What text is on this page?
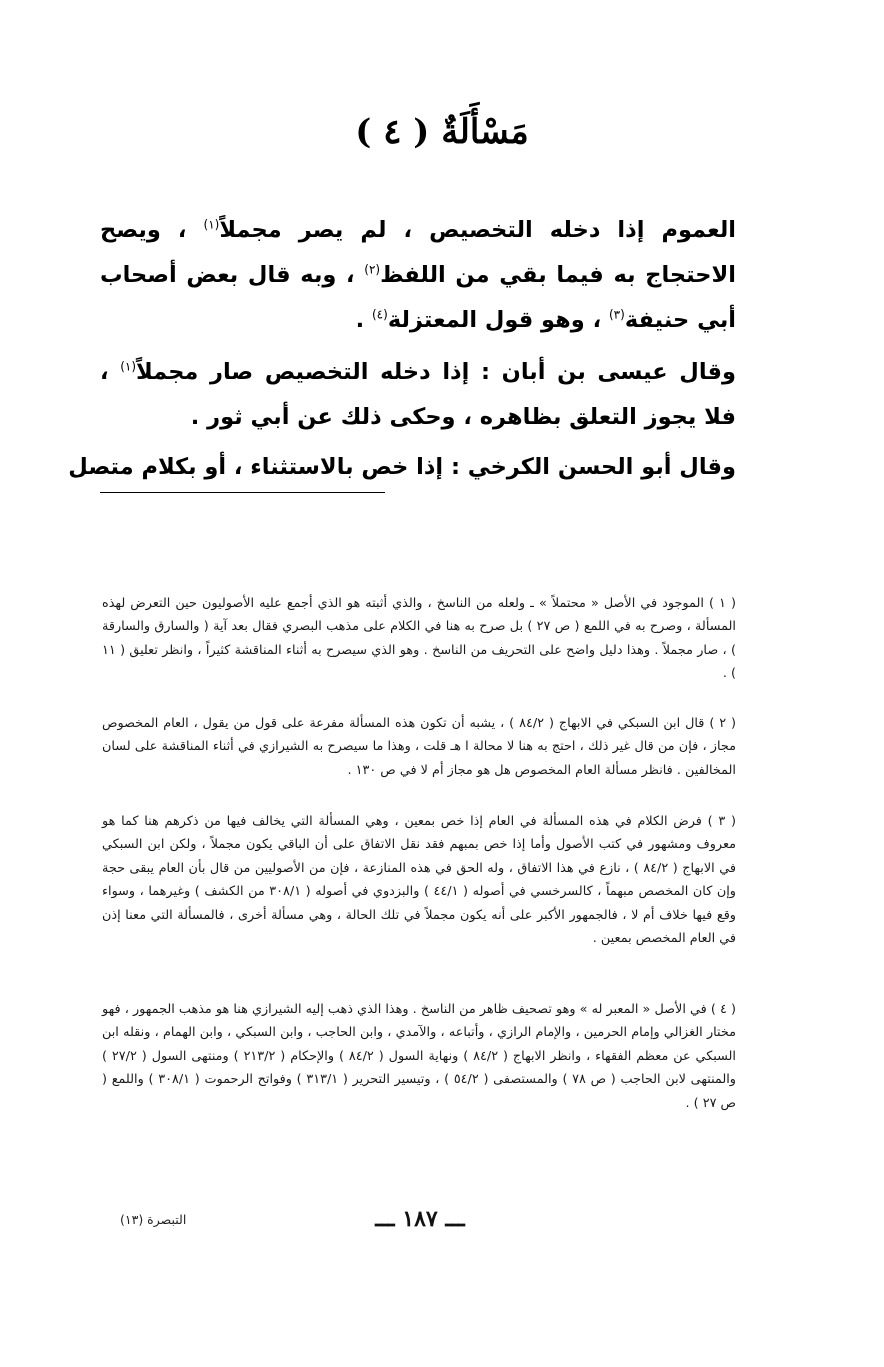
مَسْأَلَةٌ ( ٤ )
العموم إذا دخله التخصيص ، لم يصر مجملاً$^{(١)}$ ، ويصح الاحتجاج به فيما بقي من اللفظ$^{(٢)}$ ، وبه قال بعض أصحاب أبي حنيفة$^{(٣)}$ ، وهو قول المعتزلة$^{(٤)}$ .
وقال عيسى بن أبان : إذا دخله التخصيص صار مجملاً$^{(١)}$ ، فلا يجوز التعلق بظاهره ، وحكى ذلك عن أبي ثور .
وقال أبو الحسن الكرخي : إذا خص بالاستثناء ، أو بكلام متصل
( ١ ) الموجود في الأصل « محتملاً » ـ ولعله من الناسخ ، والذي أثبته هو الذي أجمع عليه الأصوليون حين التعرض لهذه المسألة ، وصرح به في اللمع ( ص ٢٧ ) بل صرح به هنا في الكلام على مذهب البصري فقال بعد آية ( والسارق والسارقة ) ، صار مجملاً . وهذا دليل واضح على التحريف من الناسخ . وهو الذي سيصرح به أثناء المناقشة كثيراً ، وانظر تعليق ( ١١ ) .
( ٢ ) قال ابن السبكي في الابهاج ( ٨٤/٢ ) ، يشبه أن تكون هذه المسألة مفرعة على قول من يقول ، العام المخصوص مجاز ، فإن من قال غير ذلك ، احتج به هنا لا محالة ا هـ قلت ، وهذا ما سيصرح به الشيرازي في أثناء المناقشة على لسان المخالفين . فانظر مسألة العام المخصوص هل هو مجاز أم لا في ص ١٣٠ .
( ٣ ) فرض الكلام في هذه المسألة في العام إذا خص بمعين ، وهي المسألة التي يخالف فيها من ذكرهم هنا كما هو معروف ومشهور في كتب الأصول وأما إذا خص بمبهم فقد نقل الاتفاق على أن الباقي يكون مجملاً ، ولكن ابن السبكي في الابهاج ( ٨٤/٢ ) ، نازع في هذا الاتفاق ، وله الحق في هذه المنازعة ، فإن من الأصوليين من قال بأن العام يبقى حجة وإن كان المخصص مبهماً ، كالسرخسي في أصوله ( ٤٤/١ ) والبزدوي في أصوله ( ٣٠٨/١ من الكشف ) وغيرهما ، وسواء وقع فيها خلاف أم لا ، فالجمهور الأكبر على أنه يكون مجملاً في تلك الحالة ، وهي مسألة أخرى ، فالمسألة التي معنا إذن في العام المخصص بمعين .
( ٤ ) في الأصل « المعبر له » وهو تصحيف ظاهر من الناسخ . وهذا الذي ذهب إليه الشيرازي هنا هو مذهب الجمهور ، فهو مختار الغزالي وإمام الحرمين ، والإمام الرازي ، وأتباعه ، والآمدي ، وابن الحاجب ، وابن السبكي ، وابن الهمام ، ونقله ابن السبكي عن معظم الفقهاء ، وانظر الابهاج ( ٨٤/٢ ) ونهاية السول ( ٨٤/٢ ) والإحكام ( ٢١٣/٢ ) ومنتهى السول ( ٢٧/٢ ) والمنتهى لابن الحاجب ( ص ٧٨ ) والمستصفى ( ٥٤/٢ ) ، وتيسير التحرير ( ٣١٣/١ ) وفواتح الرحموت ( ٣٠٨/١ ) واللمع ( ص ٢٧ ) .
ـــ ١٨٧ ـــ
التبصرة (١٣)
